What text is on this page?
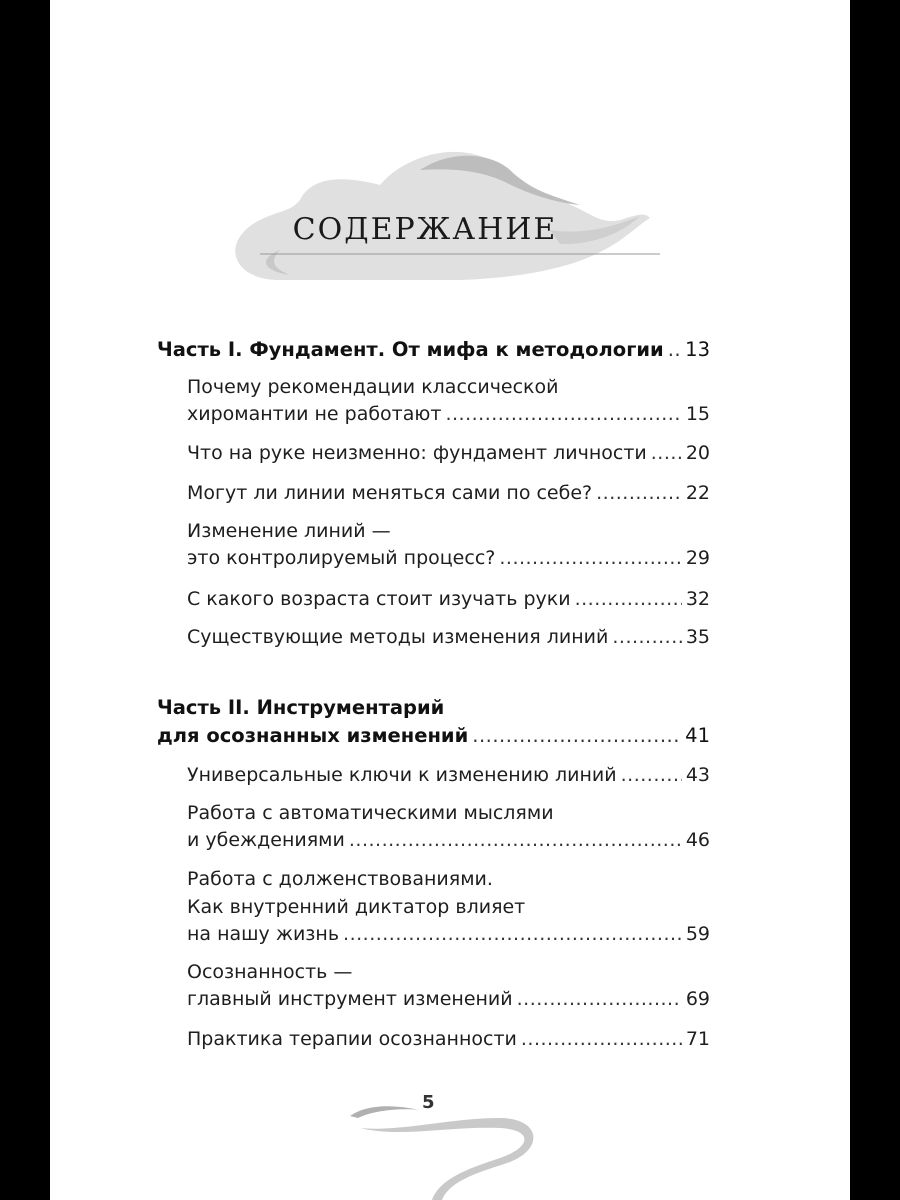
СОДЕРЖАНИЕ
Часть I. Фундамент. От мифа к методологии ..... 13
Почему рекомендации классической
хиромантии не работают .....	15
Что на руке неизменно: фундамент личности ..... 20
Могут ли линии меняться сами по себе? .....	22
Изменение линий —
это контролируемый процесс? .....	29
С какого возраста стоит изучать руки .....	32
Существующие методы изменения линий .....	35
Часть II. Инструментарий
для осознанных изменений .....	41
Универсальные ключи к изменению линий .....	43
Работа с автоматическими мыслями
и убеждениями .....	46
Работа с долженствованиями.
Как внутренний диктатор влияет
на нашу жизнь .....	59
Осознанность —
главный инструмент изменений .....	69
Практика терапии осознанности .....	71
5
